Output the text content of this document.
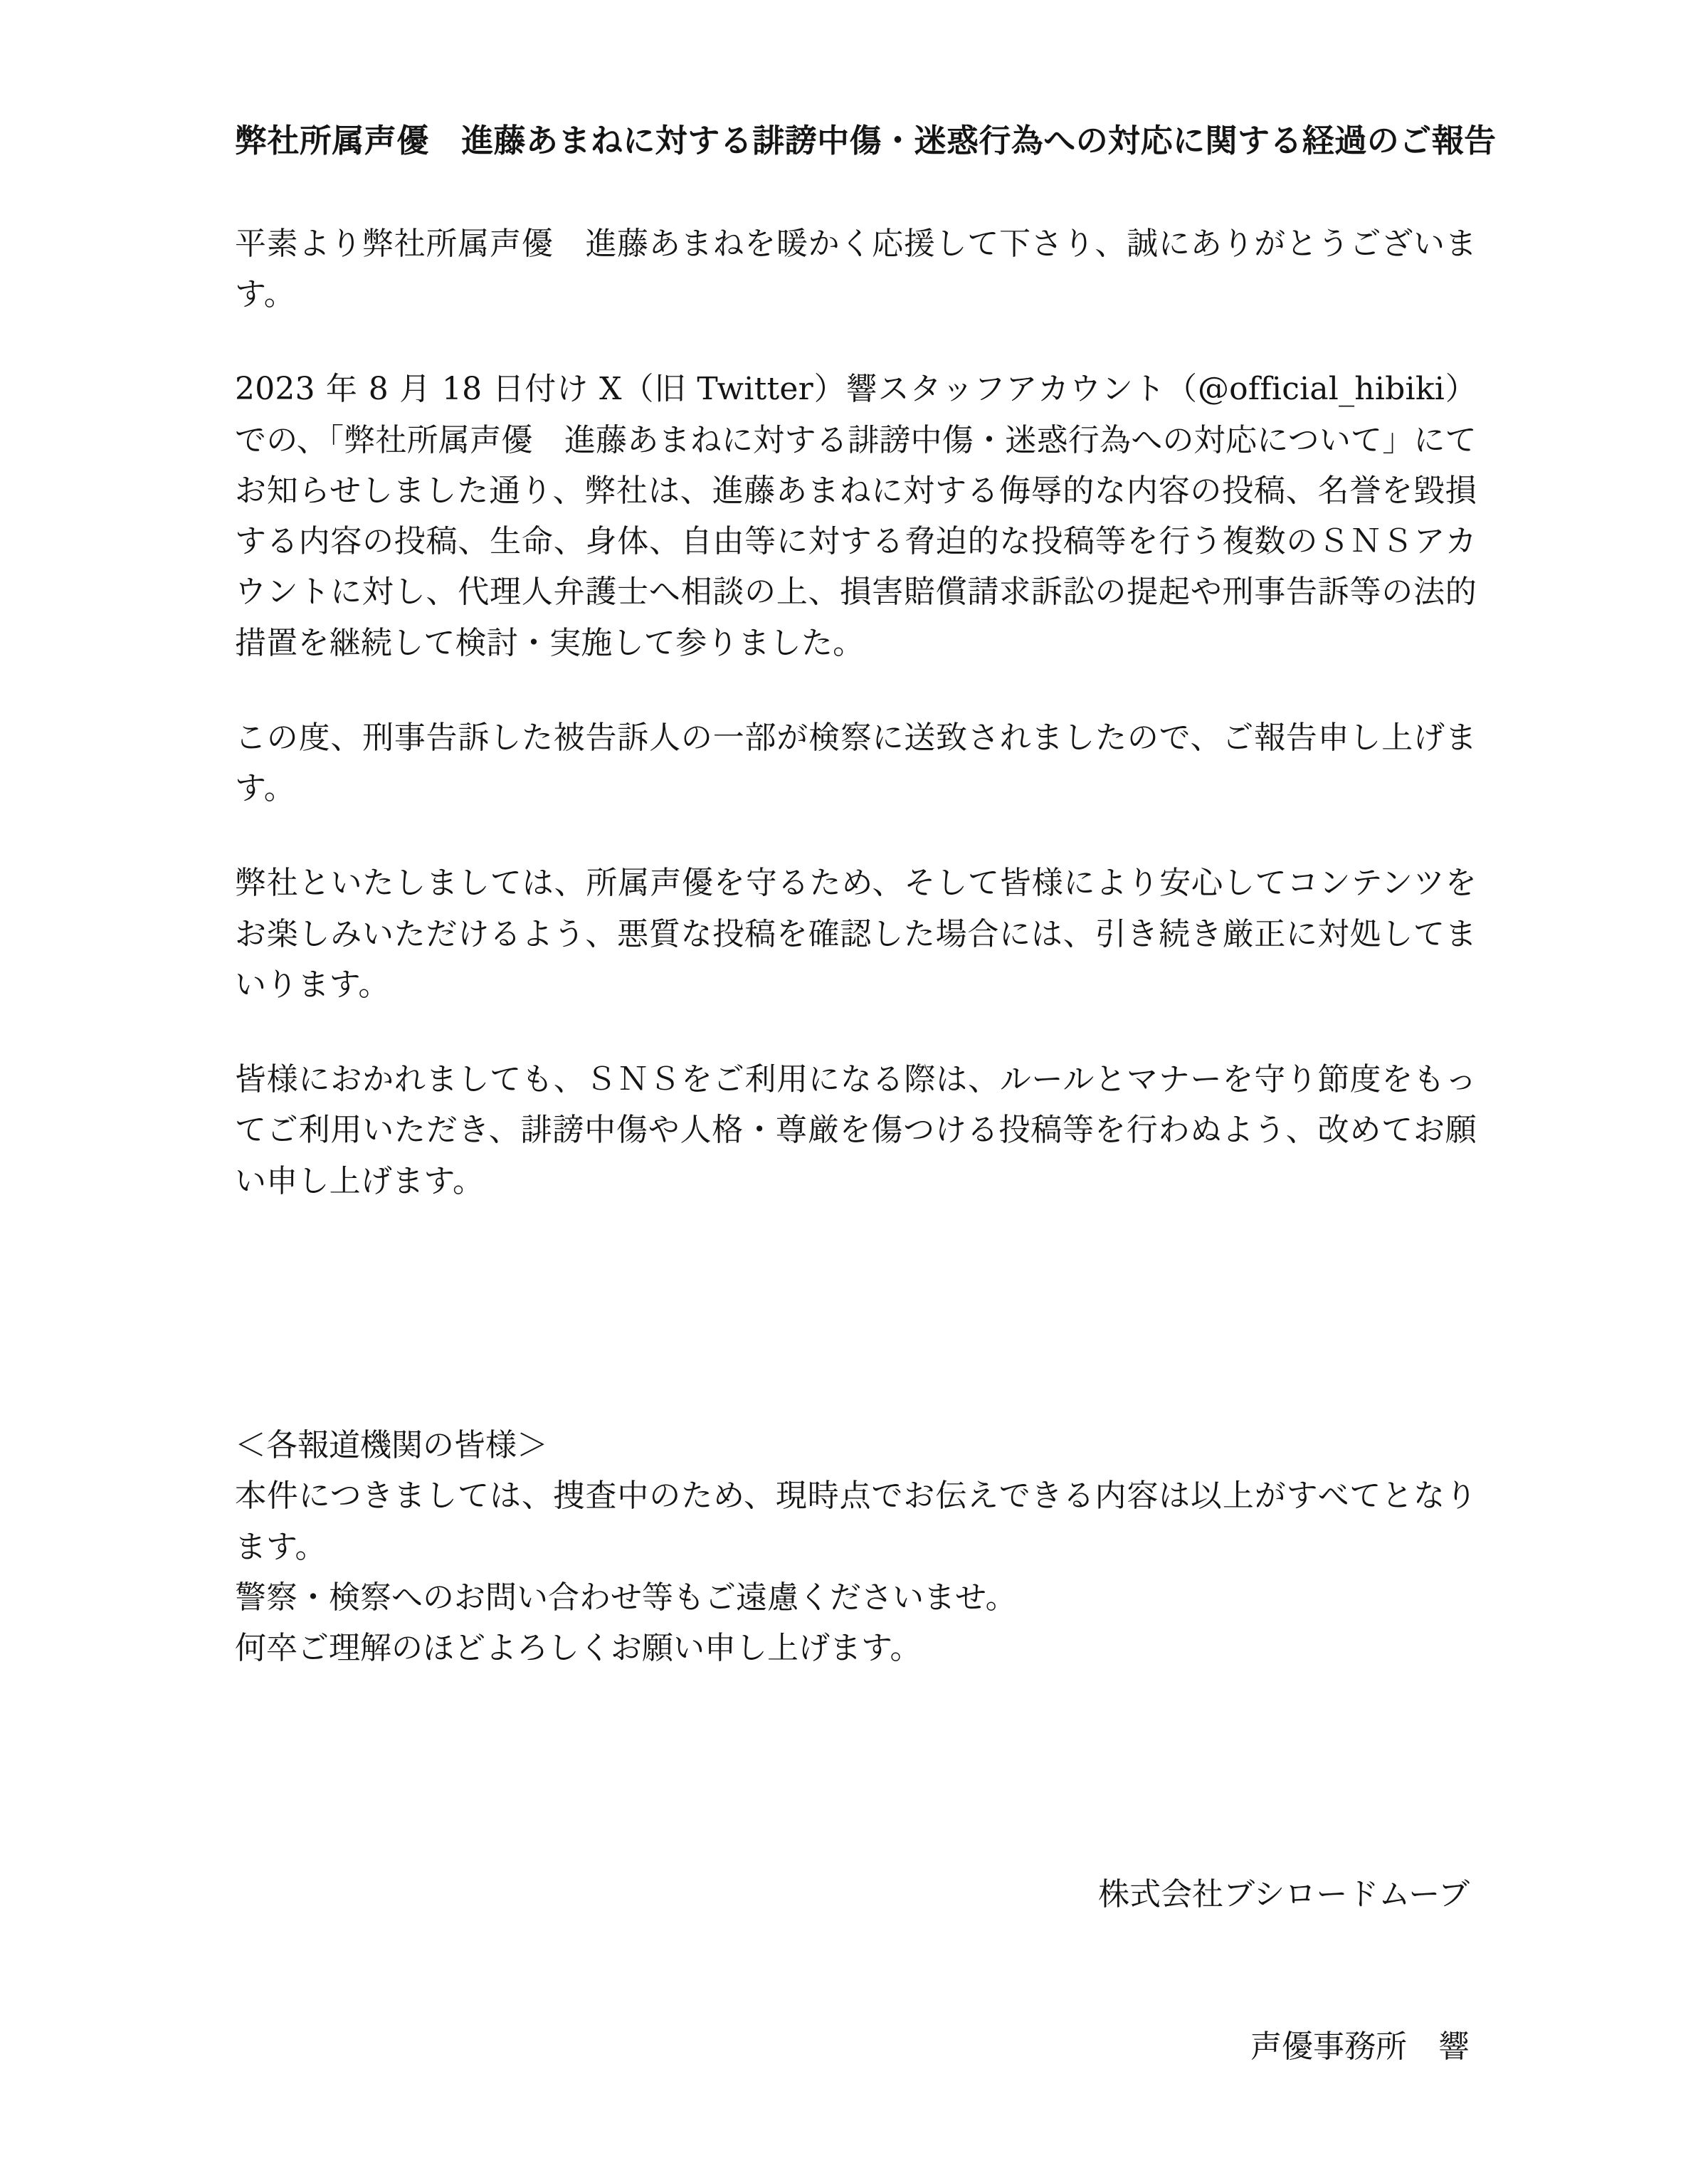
弊社所属声優　進藤あまねに対する誹謗中傷・迷惑行為への対応に関する経過のご報告

平素より弊社所属声優　進藤あまねを暖かく応援して下さり、誠にありがとうございます。

2023 年 8 月 18 日付け X（旧 Twitter）響スタッフアカウント（@official_hibiki）での、「弊社所属声優　進藤あまねに対する誹謗中傷・迷惑行為への対応について」にてお知らせしました通り、弊社は、進藤あまねに対する侮辱的な内容の投稿、名誉を毀損する内容の投稿、生命、身体、自由等に対する脅迫的な投稿等を行う複数のＳＮＳアカウントに対し、代理人弁護士へ相談の上、損害賠償請求訴訟の提起や刑事告訴等の法的措置を継続して検討・実施して参りました。

この度、刑事告訴した被告訴人の一部が検察に送致されましたので、ご報告申し上げます。

弊社といたしましては、所属声優を守るため、そして皆様により安心してコンテンツをお楽しみいただけるよう、悪質な投稿を確認した場合には、引き続き厳正に対処してまいります。

皆様におかれましても、ＳＮＳをご利用になる際は、ルールとマナーを守り節度をもってご利用いただき、誹謗中傷や人格・尊厳を傷つける投稿等を行わぬよう、改めてお願い申し上げます。

＜各報道機関の皆様＞

本件につきましては、捜査中のため、現時点でお伝えできる内容は以上がすべてとなります。

警察・検察へのお問い合わせ等もご遠慮くださいませ。

何卒ご理解のほどよろしくお願い申し上げます。

株式会社ブシロードムーブ

声優事務所　響
